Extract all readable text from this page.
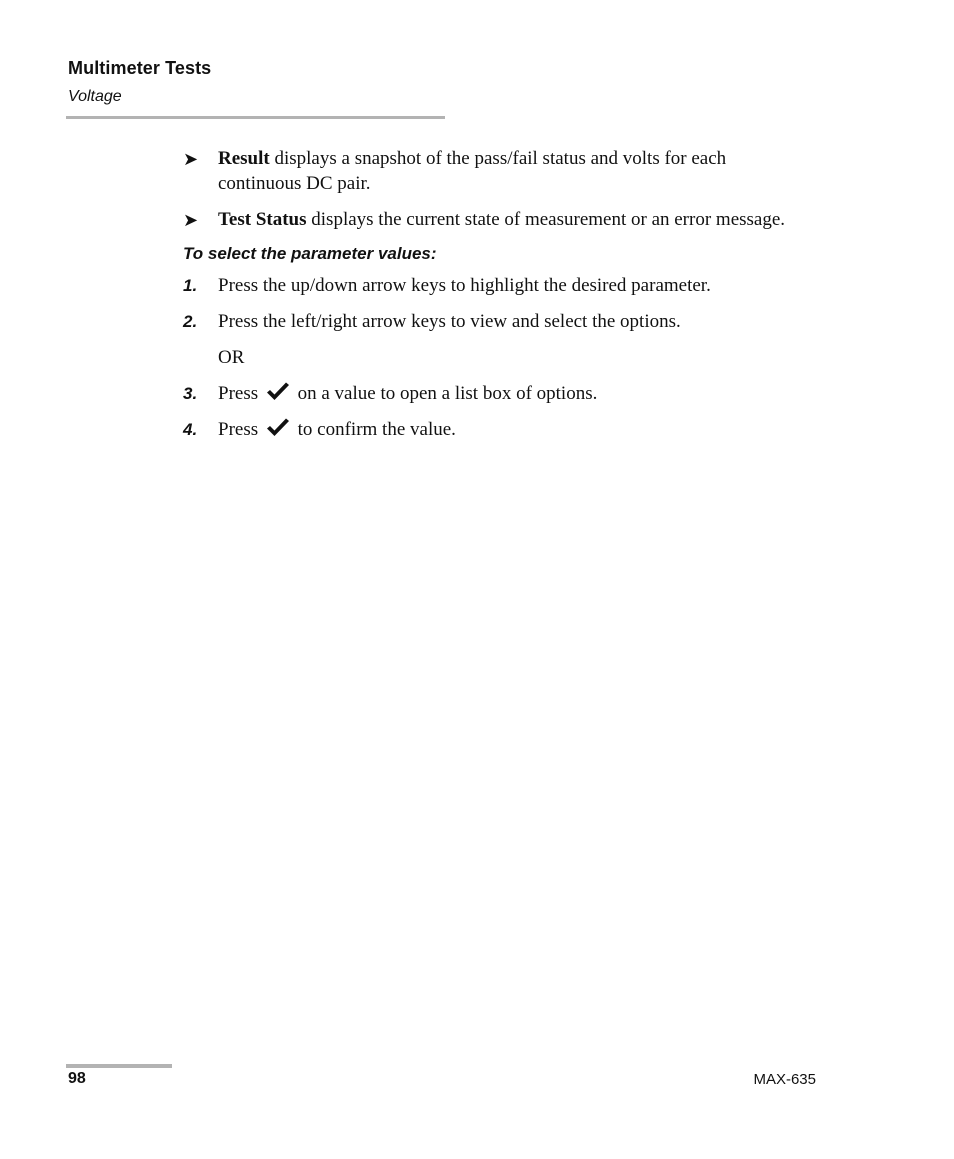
Multimeter Tests
Voltage
➤	Result displays a snapshot of the pass/fail status and volts for each continuous DC pair.
➤	Test Status displays the current state of measurement or an error message.
To select the parameter values:
1.	Press the up/down arrow keys to highlight the desired parameter.
2.	Press the left/right arrow keys to view and select the options.
OR
3.	Press on a value to open a list box of options.
4.	Press to confirm the value.
98	MAX-635
